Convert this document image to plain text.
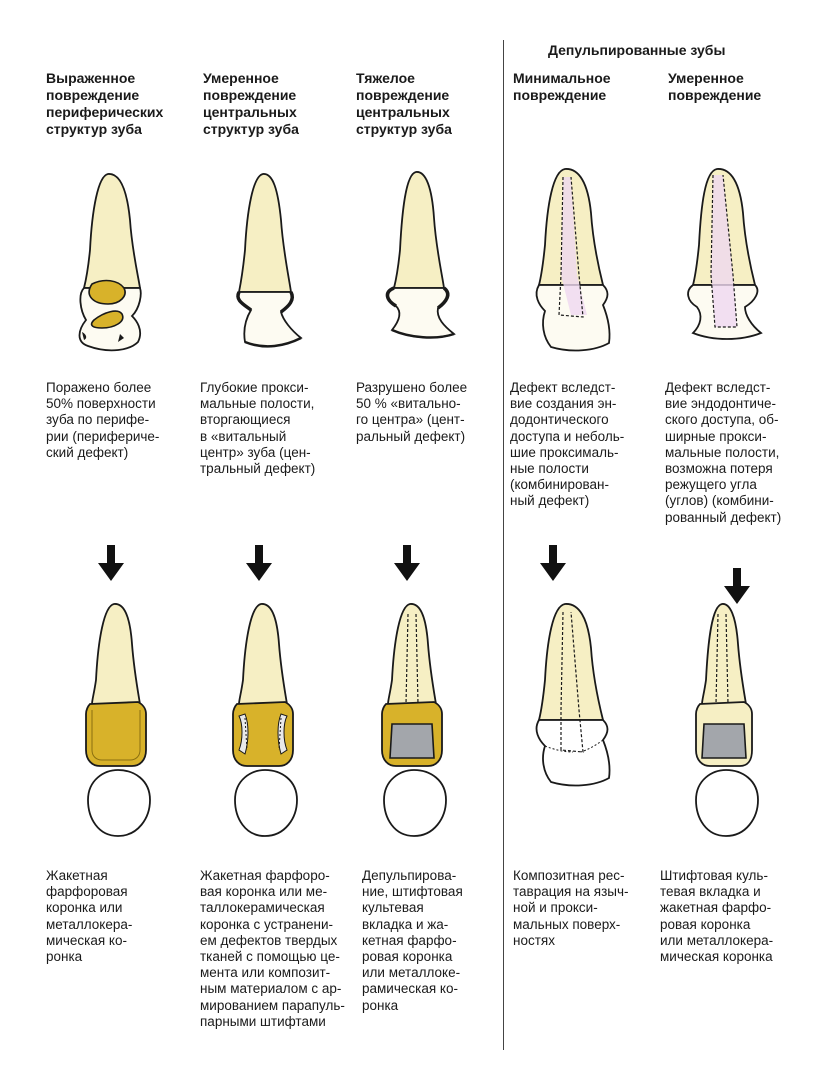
Депульпированные зубы
Выраженное
повреждение
периферических
структур зуба
Умеренное
повреждение
центральных
структур зуба
Тяжелое
повреждение
центральных
структур зуба
Минимальное
повреждение
Умеренное
повреждение
Поражено более
50% поверхности
зуба по перифе-
рии (перифериче-
ский дефект)
Глубокие прокси-
мальные полости,
вторгающиеся
в «витальный
центр» зуба (цен-
тральный дефект)
Разрушено более
50 % «витально-
го центра» (цент-
ральный дефект)
Дефект вследст-
вие создания эн-
додонтического
доступа и неболь-
шие проксималь-
ные полости
(комбинирован-
ный дефект)
Дефект вследст-
вие эндодонтиче-
ского доступа, об-
ширные прокси-
мальные полости,
возможна потеря
режущего угла
(углов) (комбини-
рованный дефект)
Жакетная
фарфоровая
коронка или
металлокера-
мическая ко-
ронка
Жакетная фарфоро-
вая коронка или ме-
таллокерамическая
коронка с устранени-
ем дефектов твердых
тканей с помощью це-
мента или композит-
ным материалом с ар-
мированием парапуль-
парными штифтами
Депульпирова-
ние, штифтовая
культевая
вкладка и жа-
кетная фарфо-
ровая коронка
или металлоке-
рамическая ко-
ронка
Композитная рес-
таврация на языч-
ной и прокси-
мальных поверх-
ностях
Штифтовая куль-
тевая вкладка и
жакетная фарфо-
ровая коронка
или металлокера-
мическая коронка
